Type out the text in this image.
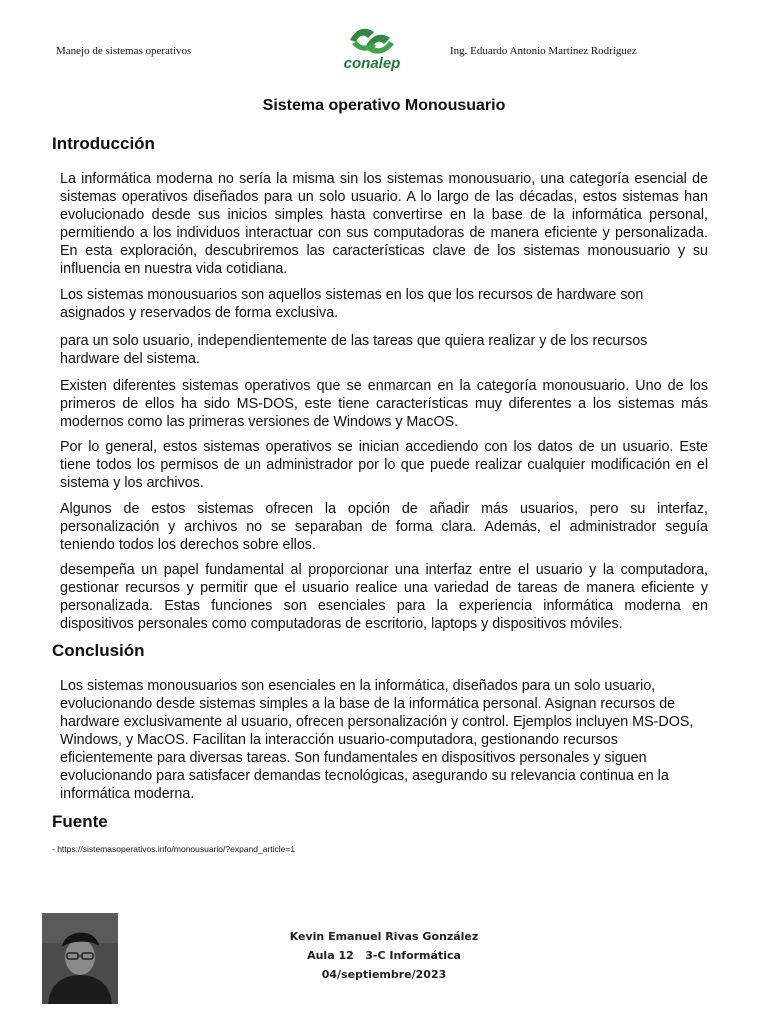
Manejo de sistemas operativos
conalep
Ing. Eduardo Antonio Martínez Rodríguez
Sistema operativo Monousuario
Introducción

La informática moderna no sería la misma sin los sistemas monousuario, una categoría esencial de sistemas operativos diseñados para un solo usuario. A lo largo de las décadas, estos sistemas han evolucionado desde sus inicios simples hasta convertirse en la base de la informática personal, permitiendo a los individuos interactuar con sus computadoras de manera eficiente y personalizada. En esta exploración, descubriremos las características clave de los sistemas monousuario y su influencia en nuestra vida cotidiana.

Los sistemas monousuarios son aquellos sistemas en los que los recursos de hardware son asignados y reservados de forma exclusiva.

para un solo usuario, independientemente de las tareas que quiera realizar y de los recursos hardware del sistema.

Existen diferentes sistemas operativos que se enmarcan en la categoría monousuario. Uno de los primeros de ellos ha sido MS-DOS, este tiene características muy diferentes a los sistemas más modernos como las primeras versiones de Windows y MacOS.

Por lo general, estos sistemas operativos se inician accediendo con los datos de un usuario. Este tiene todos los permisos de un administrador por lo que puede realizar cualquier modificación en el sistema y los archivos.

Algunos de estos sistemas ofrecen la opción de añadir más usuarios, pero su interfaz, personalización y archivos no se separaban de forma clara. Además, el administrador seguía teniendo todos los derechos sobre ellos.

desempeña un papel fundamental al proporcionar una interfaz entre el usuario y la computadora, gestionar recursos y permitir que el usuario realice una variedad de tareas de manera eficiente y personalizada. Estas funciones son esenciales para la experiencia informática moderna en dispositivos personales como computadoras de escritorio, laptops y dispositivos móviles.

Conclusión

Los sistemas monousuarios son esenciales en la informática, diseñados para un solo usuario, evolucionando desde sistemas simples a la base de la informática personal. Asignan recursos de hardware exclusivamente al usuario, ofrecen personalización y control. Ejemplos incluyen MS-DOS, Windows, y MacOS. Facilitan la interacción usuario-computadora, gestionando recursos eficientemente para diversas tareas. Son fundamentales en dispositivos personales y siguen evolucionando para satisfacer demandas tecnológicas, asegurando su relevancia continua en la informática moderna.

Fuente
- https://sistemasoperativos.info/monousuario/?expand_article=1
Kevin Emanuel Rivas González
Aula 12   3-C Informática
04/septiembre/2023
